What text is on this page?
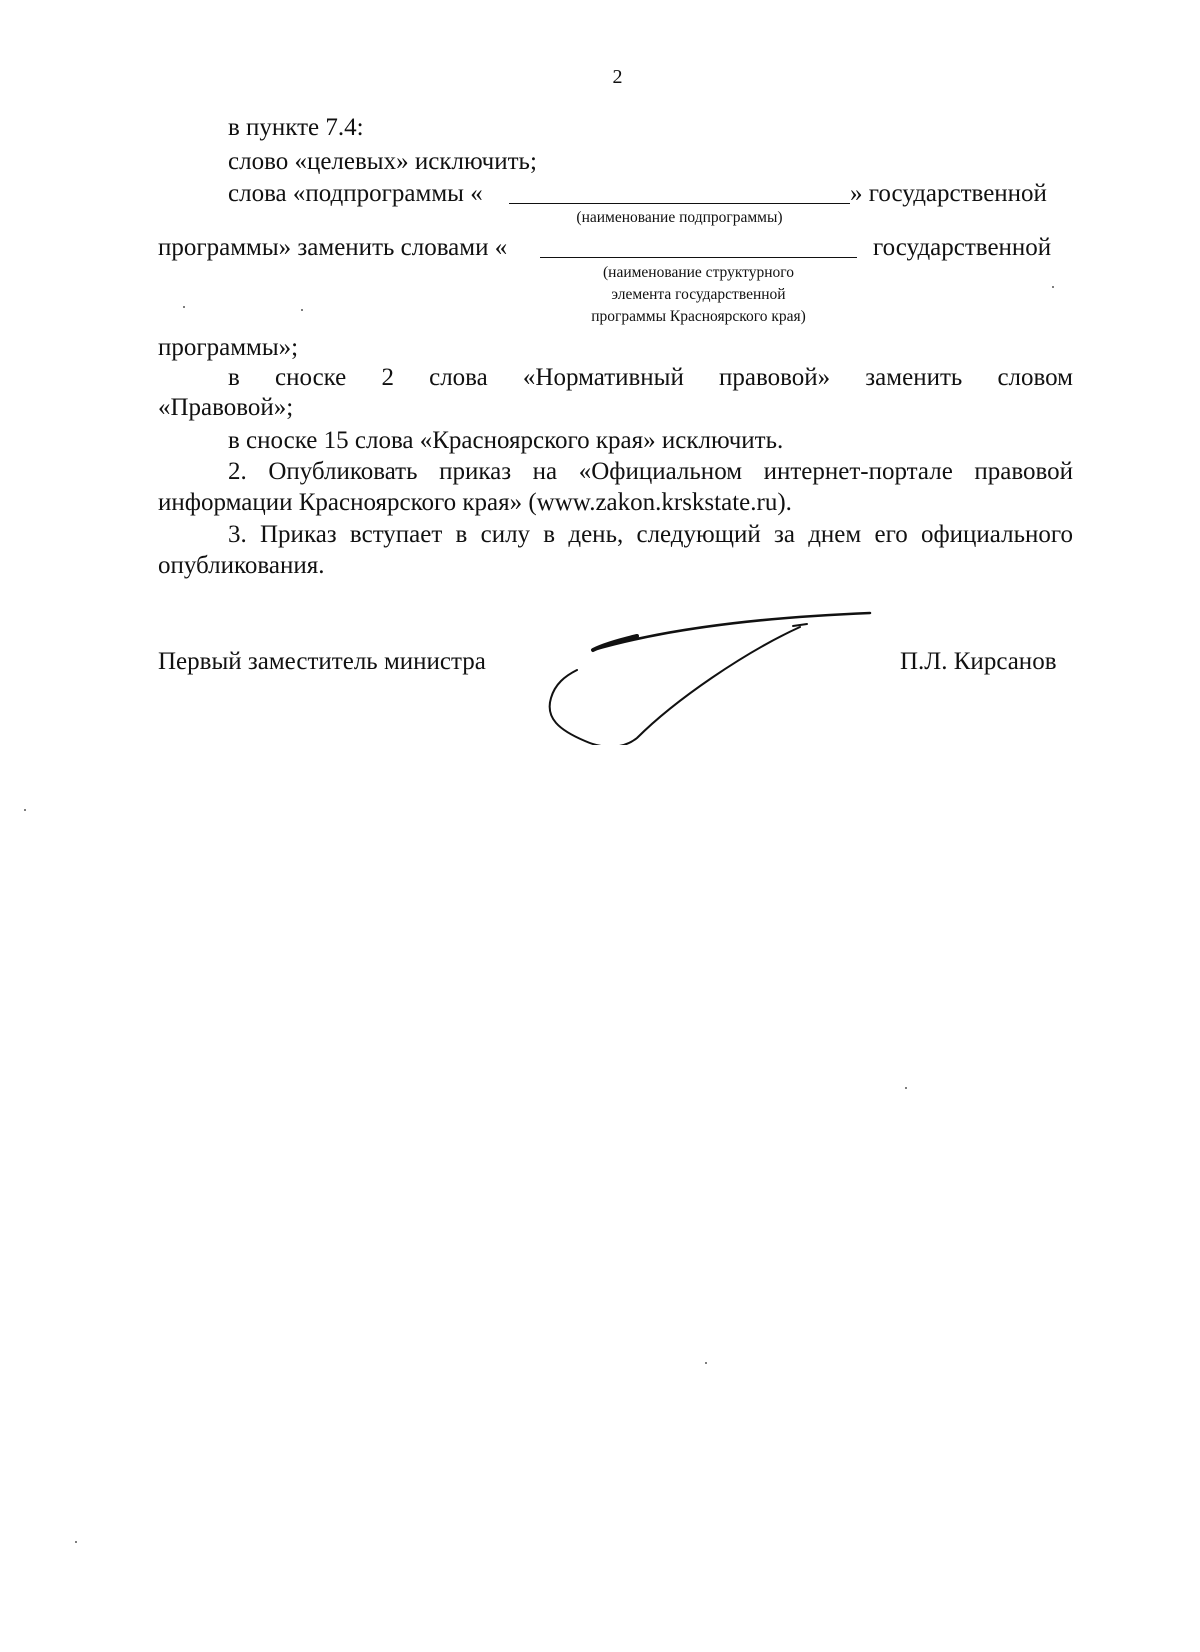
2
в пункте 7.4:
слово «целевых» исключить;
слова «подпрограммы «	» государственной
(наименование подпрограммы)
программы» заменить словами «	государственной
(наименование структурного
элемента государственной
программы Красноярского края)
программы»;
в сноске 2 слова «Нормативный правовой» заменить словом
«Правовой»;
в сноске 15 слова «Красноярского края» исключить.
2. Опубликовать приказ на «Официальном интернет-портале правовой
информации Красноярского края» (www.zakon.krskstate.ru).
3. Приказ вступает в силу в день, следующий за днем его официального
опубликования.
Первый заместитель министра	П.Л. Кирсанов
